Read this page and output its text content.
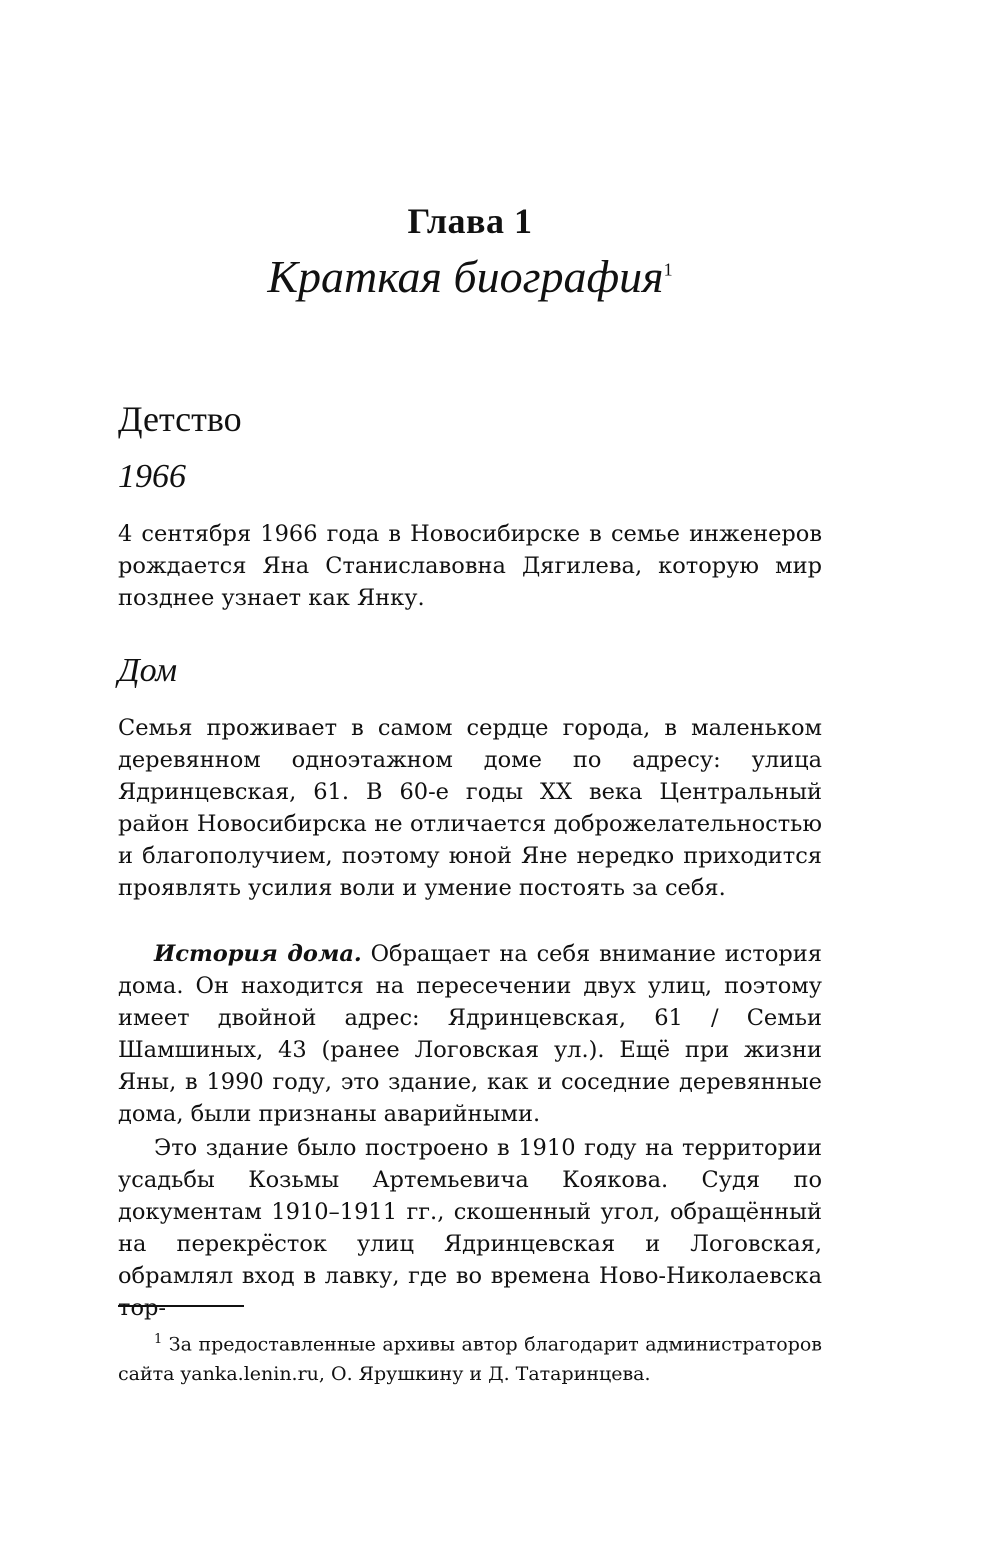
Глава 1
Краткая биография$^1$
Детство
1966

4 сентября 1966 года в Новосибирске в семье инженеров рождается Яна Станиславовна Дягилева, которую мир позднее узнает как Янку.

Дом

Семья проживает в самом сердце города, в маленьком деревянном одноэтажном доме по адресу: улица Ядринцевская, 61. В 60-е годы XX века Центральный район Новосибирска не отличается доброжелательностью и благополучием, поэтому юной Яне нередко приходится проявлять усилия воли и умение постоять за себя.

История дома. Обращает на себя внимание история дома. Он находится на пересечении двух улиц, поэтому имеет двойной адрес: Ядринцевская, 61 / Семьи Шамшиных, 43 (ранее Логовская ул.). Ещё при жизни Яны, в 1990 году, это здание, как и соседние деревянные дома, были признаны аварийными.

Это здание было построено в 1910 году на территории усадьбы Козьмы Артемьевича Коякова. Судя по документам 1910–1911 гг., скошенный угол, обращённый на перекрёсток улиц Ядринцевская и Логовская, обрамлял вход в лавку, где во времена Ново-Николаевска тор-

$^1$ За предоставленные архивы автор благодарит администраторов сайта yanka.lenin.ru, О. Ярушкину и Д. Татаринцева.
